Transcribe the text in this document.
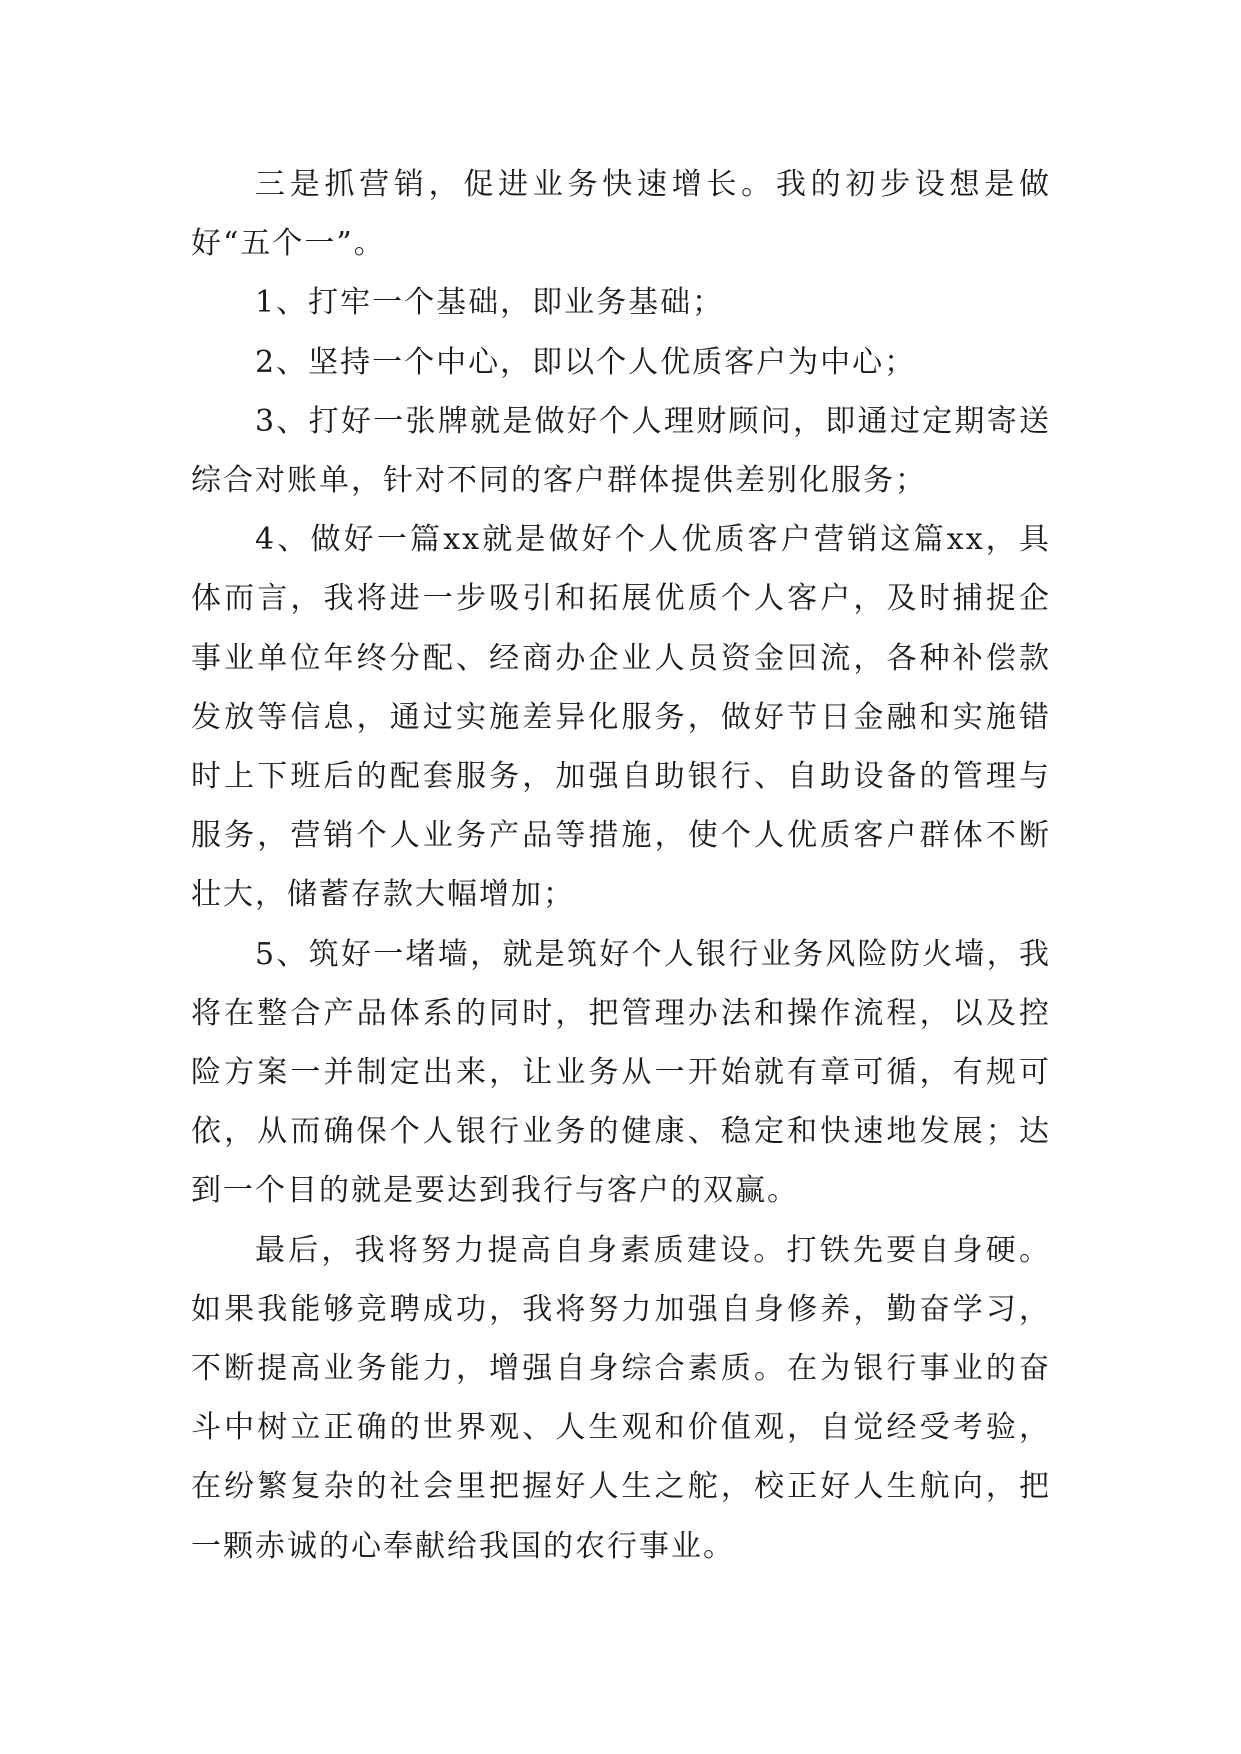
三是抓营销，促进业务快速增长。我的初步设想是做好“五个一”。

1、打牢一个基础，即业务基础；

2、坚持一个中心，即以个人优质客户为中心；

3、打好一张牌就是做好个人理财顾问，即通过定期寄送综合对账单，针对不同的客户群体提供差别化服务；

4、做好一篇xx就是做好个人优质客户营销这篇xx，具体而言，我将进一步吸引和拓展优质个人客户，及时捕捉企事业单位年终分配、经商办企业人员资金回流，各种补偿款发放等信息，通过实施差异化服务，做好节日金融和实施错时上下班后的配套服务，加强自助银行、自助设备的管理与服务，营销个人业务产品等措施，使个人优质客户群体不断壮大，储蓄存款大幅增加；

5、筑好一堵墙，就是筑好个人银行业务风险防火墙，我将在整合产品体系的同时，把管理办法和操作流程，以及控险方案一并制定出来，让业务从一开始就有章可循，有规可依，从而确保个人银行业务的健康、稳定和快速地发展；达到一个目的就是要达到我行与客户的双赢。

最后，我将努力提高自身素质建设。打铁先要自身硬。如果我能够竞聘成功，我将努力加强自身修养，勤奋学习，不断提高业务能力，增强自身综合素质。在为银行事业的奋斗中树立正确的世界观、人生观和价值观，自觉经受考验，在纷繁复杂的社会里把握好人生之舵，校正好人生航向，把一颗赤诚的心奉献给我国的农行事业。
